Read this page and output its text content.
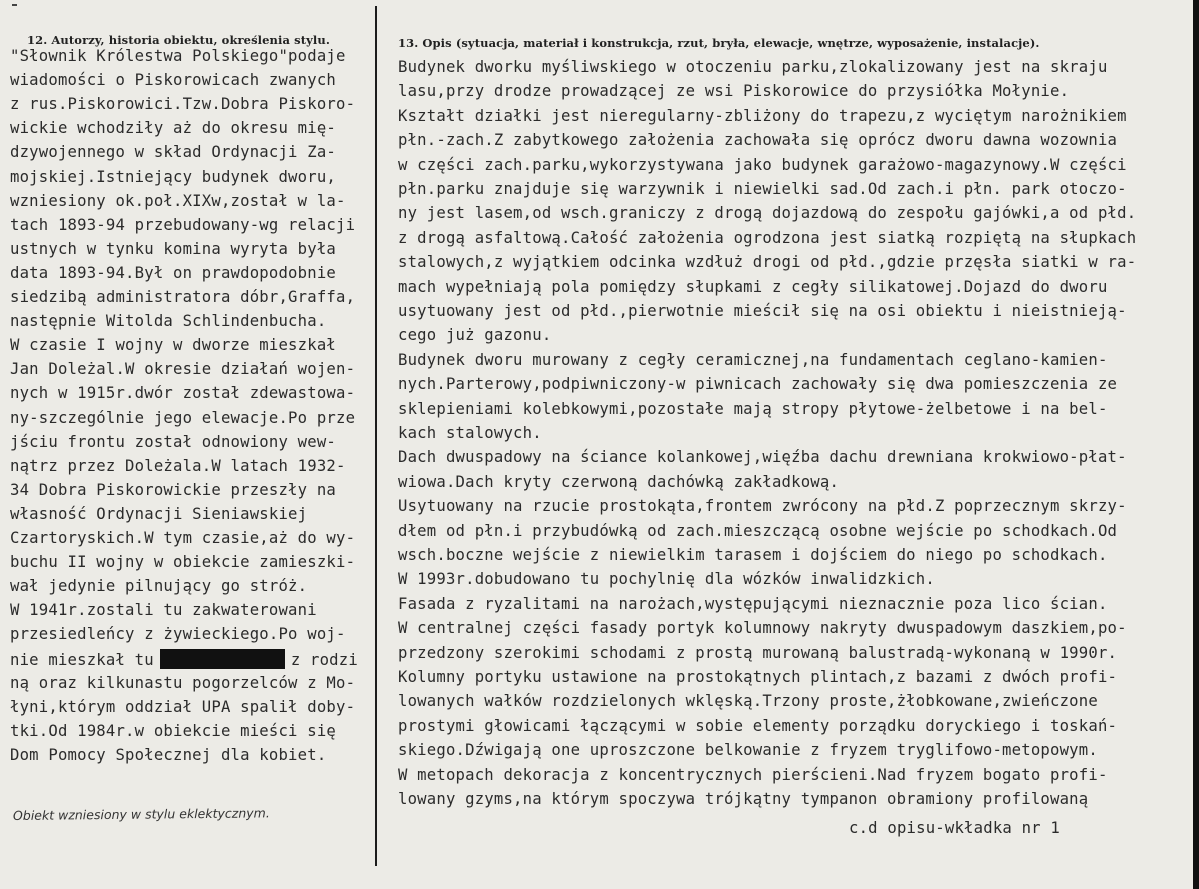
12. Autorzy, historia obiektu, określenia stylu.	13. Opis (sytuacja, materiał i konstrukcja, rzut, bryła, elewacje, wnętrze, wyposażenie, instalacje).
"Słownik Królestwa Polskiego"podaje
wiadomości o Piskorowicach zwanych
z rus.Piskorowici.Tzw.Dobra Piskoro-
wickie wchodziły aż do okresu mię-
dzywojennego w skład Ordynacji Za-
mojskiej.Istniejący budynek dworu,
wzniesiony ok.poł.XIXw,został w la-
tach 1893-94 przebudowany-wg relacji
ustnych w tynku komina wyryta była
data 1893-94.Był on prawdopodobnie
siedzibą administratora dóbr,Graffa,
następnie Witolda Schlindenbucha.
W czasie I wojny w dworze mieszkał
Jan Doleżal.W okresie działań wojen-
nych w 1915r.dwór został zdewastowa-
ny-szczególnie jego elewacje.Po prze
jściu frontu został odnowiony wew-
nątrz przez Doleżala.W latach 1932-
34 Dobra Piskorowickie przeszły na
własność Ordynacji Sieniawskiej
Czartoryskich.W tym czasie,aż do wy-
buchu II wojny w obiekcie zamieszki-
wał jedynie pilnujący go stróż.
W 1941r.zostali tu zakwaterowani
przesiedleńcy z żywieckiego.Po woj-
nie mieszkał tu	z rodzi
ną oraz kilkunastu pogorzelców z Mo-
łyni,którym oddział UPA spalił doby-
tki.Od 1984r.w obiekcie mieści się
Dom Pomocy Społecznej dla kobiet.
Budynek dworku myśliwskiego w otoczeniu parku,zlokalizowany jest na skraju
lasu,przy drodze prowadzącej ze wsi Piskorowice do przysiółka Mołynie.
Kształt działki jest nieregularny-zbliżony do trapezu,z wyciętym narożnikiem
płn.-zach.Z zabytkowego założenia zachowała się oprócz dworu dawna wozownia
w części zach.parku,wykorzystywana jako budynek garażowo-magazynowy.W części
płn.parku znajduje się warzywnik i niewielki sad.Od zach.i płn. park otoczo-
ny jest lasem,od wsch.graniczy z drogą dojazdową do zespołu gajówki,a od płd.
z drogą asfaltową.Całość założenia ogrodzona jest siatką rozpiętą na słupkach
stalowych,z wyjątkiem odcinka wzdłuż drogi od płd.,gdzie przęsła siatki w ra-
mach wypełniają pola pomiędzy słupkami z cegły silikatowej.Dojazd do dworu
usytuowany jest od płd.,pierwotnie mieścił się na osi obiektu i nieistnieją-
cego już gazonu.
Budynek dworu murowany z cegły ceramicznej,na fundamentach ceglano-kamien-
nych.Parterowy,podpiwniczony-w piwnicach zachowały się dwa pomieszczenia ze
sklepieniami kolebkowymi,pozostałe mają stropy płytowe-żelbetowe i na bel-
kach stalowych.
Dach dwuspadowy na ściance kolankowej,więźba dachu drewniana krokwiowo-płat-
wiowa.Dach kryty czerwoną dachówką zakładkową.
Usytuowany na rzucie prostokąta,frontem zwrócony na płd.Z poprzecznym skrzy-
dłem od płn.i przybudówką od zach.mieszczącą osobne wejście po schodkach.Od
wsch.boczne wejście z niewielkim tarasem i dojściem do niego po schodkach.
W 1993r.dobudowano tu pochylnię dla wózków inwalidzkich.
Fasada z ryzalitami na narożach,występującymi nieznacznie poza lico ścian.
W centralnej części fasady portyk kolumnowy nakryty dwuspadowym daszkiem,po-
przedzony szerokimi schodami z prostą murowaną balustradą-wykonaną w 1990r.
Kolumny portyku ustawione na prostokątnych plintach,z bazami z dwóch profi-
lowanych wałków rozdzielonych wklęską.Trzony proste,żłobkowane,zwieńczone
prostymi głowicami łączącymi w sobie elementy porządku doryckiego i toskań-
skiego.Dźwigają one uproszczone belkowanie z fryzem tryglifowo-metopowym.
W metopach dekoracja z koncentrycznych pierścieni.Nad fryzem bogato profi-
lowany gzyms,na którym spoczywa trójkątny tympanon obramiony profilowaną
Obiekt wzniesiony w stylu eklektycznym.
c.d opisu-wkładka nr 1
